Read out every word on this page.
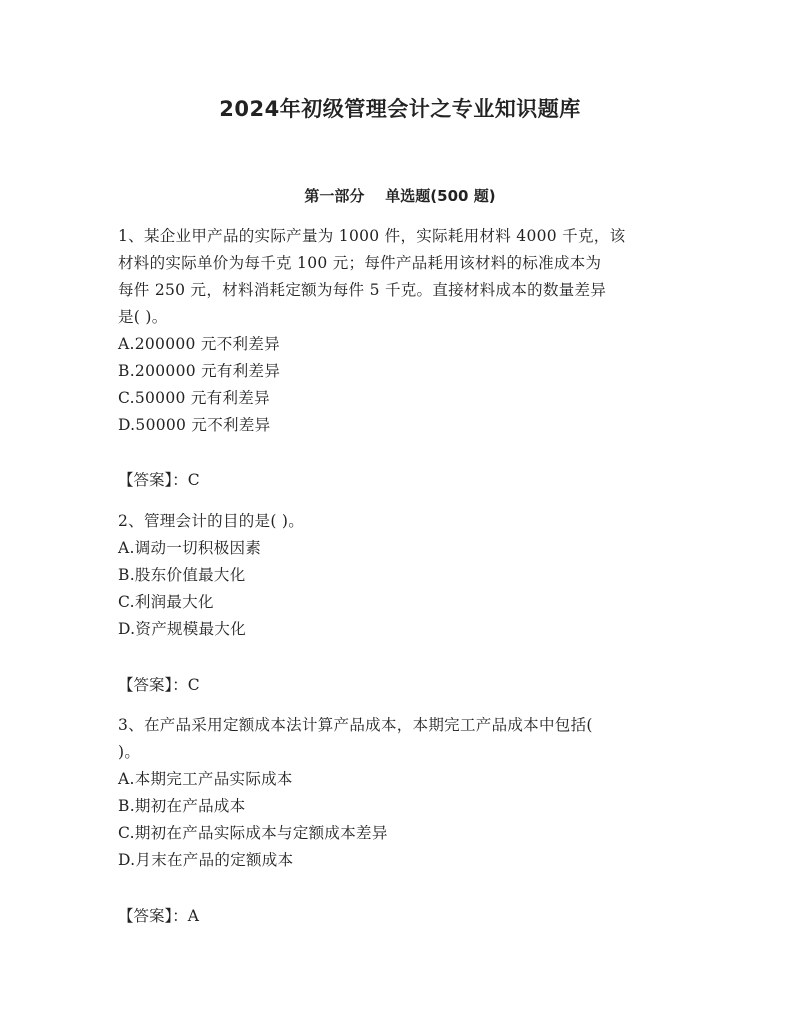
2024年初级管理会计之专业知识题库
第一部分    单选题(500 题)
1、某企业甲产品的实际产量为 1000 件，实际耗用材料 4000 千克，该
材料的实际单价为每千克 100 元；每件产品耗用该材料的标准成本为
每件 250 元，材料消耗定额为每件 5 千克。直接材料成本的数量差异
是( )。
A.200000 元不利差异
B.200000 元有利差异
C.50000 元有利差异
D.50000 元不利差异
【答案】：C
2、管理会计的目的是( )。
A.调动一切积极因素
B.股东价值最大化
C.利润最大化
D.资产规模最大化
【答案】：C
3、在产品采用定额成本法计算产品成本，本期完工产品成本中包括(
)。
A.本期完工产品实际成本
B.期初在产品成本
C.期初在产品实际成本与定额成本差异
D.月末在产品的定额成本
【答案】：A
